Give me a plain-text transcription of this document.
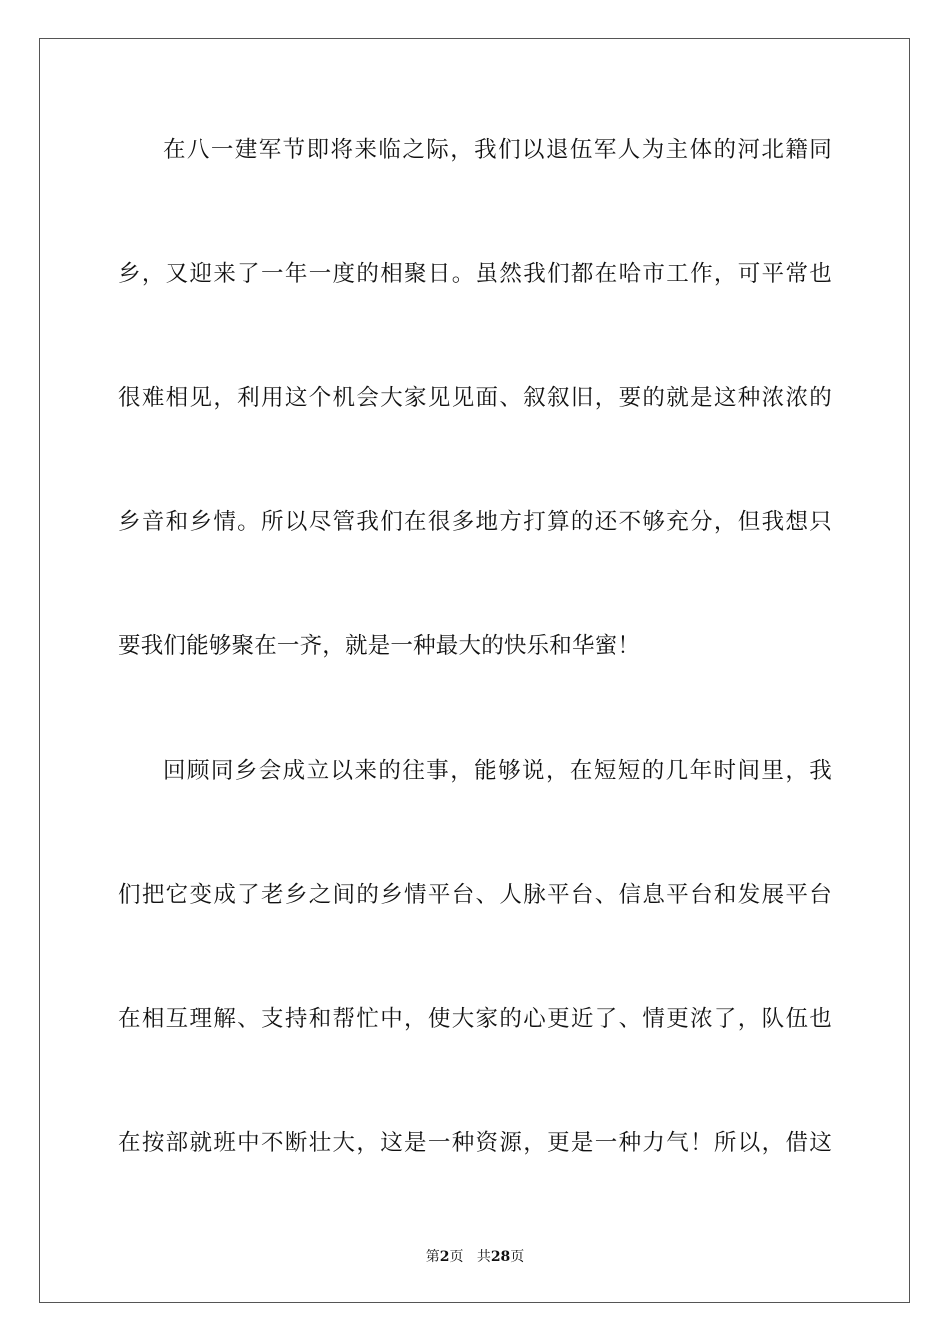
在八一建军节即将来临之际，我们以退伍军人为主体的河北籍同
乡，又迎来了一年一度的相聚日。虽然我们都在哈市工作，可平常也
很难相见，利用这个机会大家见见面、叙叙旧，要的就是这种浓浓的
乡音和乡情。所以尽管我们在很多地方打算的还不够充分，但我想只
要我们能够聚在一齐，就是一种最大的快乐和华蜜！
回顾同乡会成立以来的往事，能够说，在短短的几年时间里，我
们把它变成了老乡之间的乡情平台、人脉平台、信息平台和发展平台
在相互理解、支持和帮忙中，使大家的心更近了、情更浓了，队伍也
在按部就班中不断壮大，这是一种资源，更是一种力气！所以，借这
第2页 共28页
